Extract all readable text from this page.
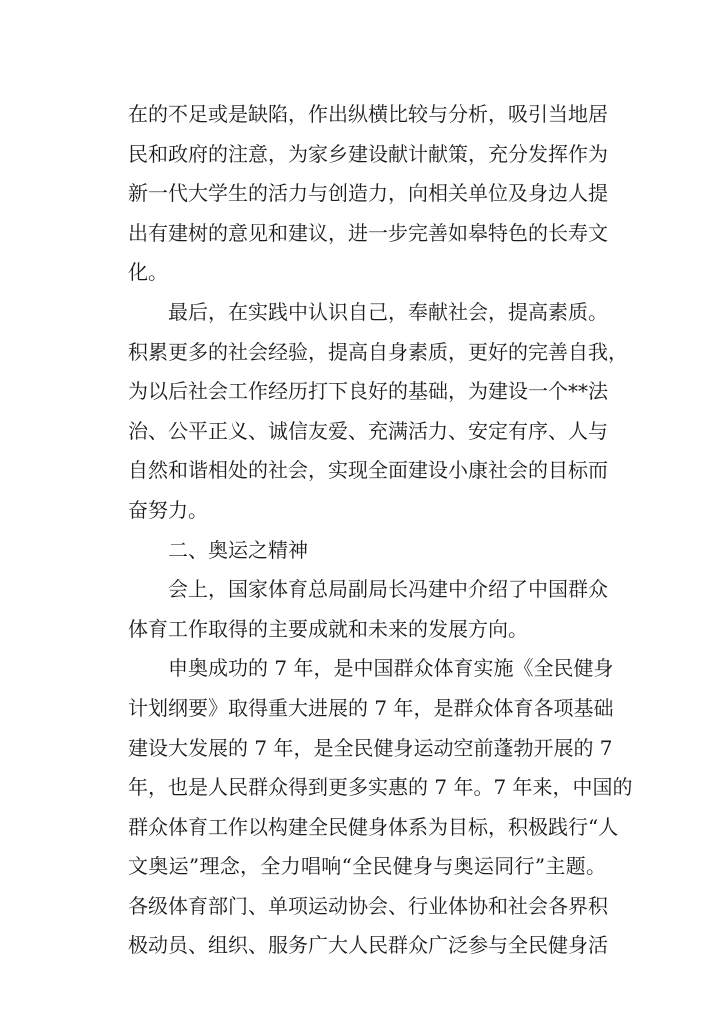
在的不足或是缺陷，作出纵横比较与分析，吸引当地居
民和政府的注意，为家乡建设献计献策，充分发挥作为
新一代大学生的活力与创造力，向相关单位及身边人提
出有建树的意见和建议，进一步完善如皋特色的长寿文
化。
最后，在实践中认识自己，奉献社会，提高素质。
积累更多的社会经验，提高自身素质，更好的完善自我，
为以后社会工作经历打下良好的基础，为建设一个**法
治、公平正义、诚信友爱、充满活力、安定有序、人与
自然和谐相处的社会，实现全面建设小康社会的目标而
奋努力。
二、奥运之精神
会上，国家体育总局副局长冯建中介绍了中国群众
体育工作取得的主要成就和未来的发展方向。
申奥成功的 7 年，是中国群众体育实施《全民健身
计划纲要》取得重大进展的 7 年，是群众体育各项基础
建设大发展的 7 年，是全民健身运动空前蓬勃开展的 7
年，也是人民群众得到更多实惠的 7 年。7 年来，中国的
群众体育工作以构建全民健身体系为目标，积极践行“人
文奥运”理念，全力唱响“全民健身与奥运同行”主题。
各级体育部门、单项运动协会、行业体协和社会各界积
极动员、组织、服务广大人民群众广泛参与全民健身活
